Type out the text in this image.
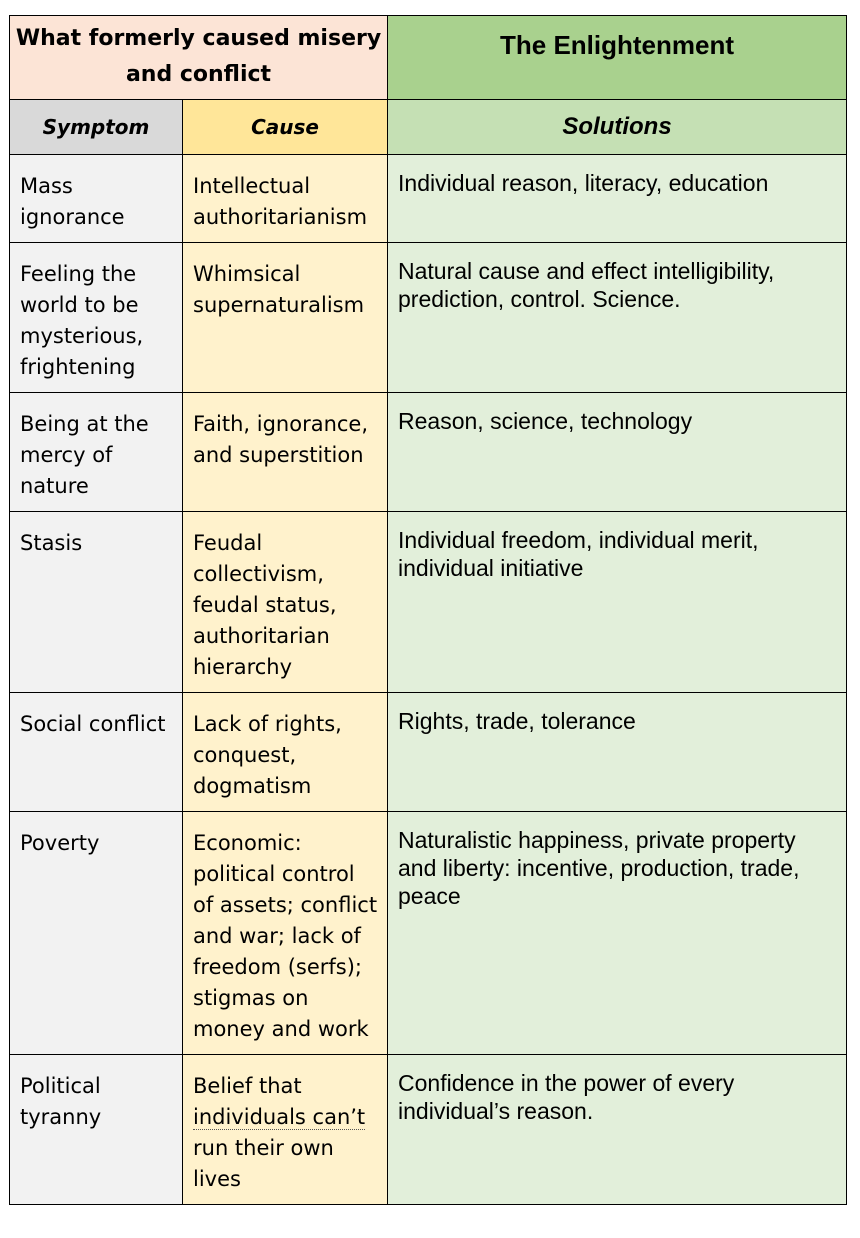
What formerly caused misery and conflict		The Enlightenment
Symptom	Cause	Solutions
Mass ignorance	Intellectual authoritarianism	Individual reason, literacy, education
Feeling the world to be mysterious, frightening	Whimsical supernaturalism	Natural cause and effect intelligibility, prediction, control. Science.
Being at the mercy of nature	Faith, ignorance, and superstition	Reason, science, technology
Stasis	Feudal collectivism, feudal status, authoritarian hierarchy	Individual freedom, individual merit, individual initiative
Social conflict	Lack of rights, conquest, dogmatism	Rights, trade, tolerance
Poverty	Economic: political control of assets; conflict and war; lack of freedom (serfs); stigmas on money and work	Naturalistic happiness, private property and liberty: incentive, production, trade, peace
Political tyranny	Belief that individuals can’t run their own lives	Confidence in the power of every individual’s reason.
